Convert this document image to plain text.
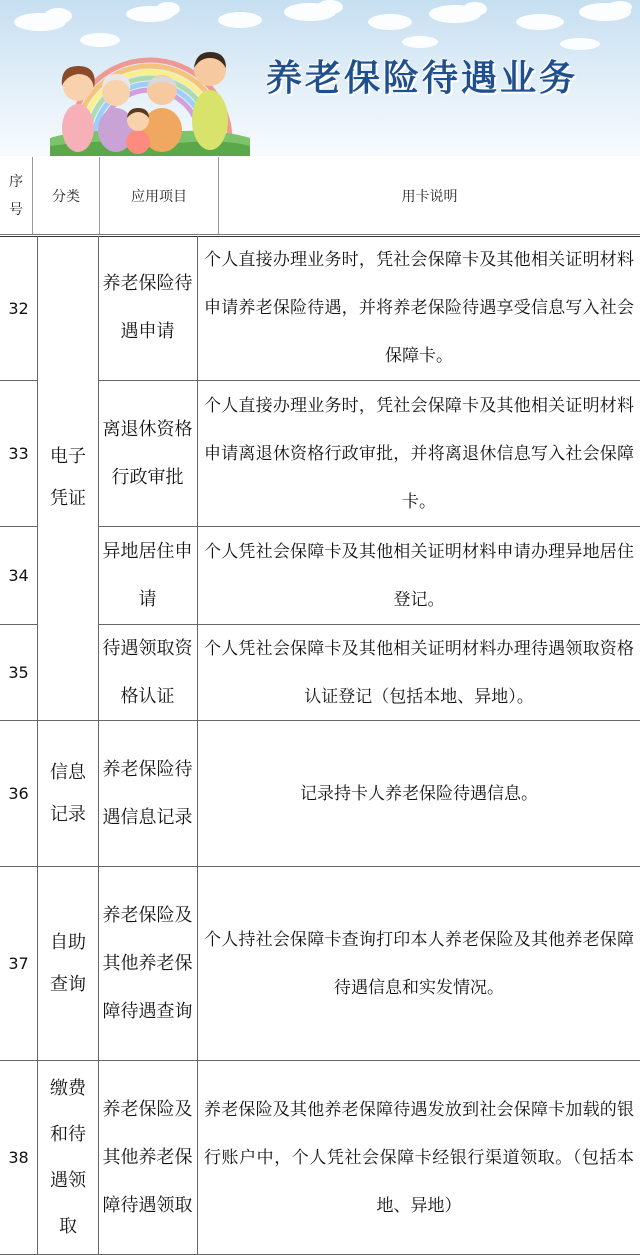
养老保险待遇业务
序号
分类	应用项目	用卡说明
32
养老保险待遇申请
个人直接办理业务时，凭社会保障卡及其他相关证明材料申请养老保险待遇，并将养老保险待遇享受信息写入社会保障卡。
33
离退休资格行政审批
个人直接办理业务时，凭社会保障卡及其他相关证明材料申请离退休资格行政审批，并将离退休信息写入社会保障卡。
34
异地居住申请
个人凭社会保障卡及其他相关证明材料申请办理异地居住登记。
35
待遇领取资格认证
个人凭社会保障卡及其他相关证明材料办理待遇领取资格认证登记（包括本地、异地）。
电子凭证
36
信息记录
养老保险待遇信息记录
记录持卡人养老保险待遇信息。
37
自助查询
养老保险及其他养老保障待遇查询
个人持社会保障卡查询打印本人养老保险及其他养老保障待遇信息和实发情况。
38
缴费和待遇领取
养老保险及其他养老保障待遇领取
养老保险及其他养老保障待遇发放到社会保障卡加载的银行账户中，个人凭社会保障卡经银行渠道领取。（包括本地、异地）
